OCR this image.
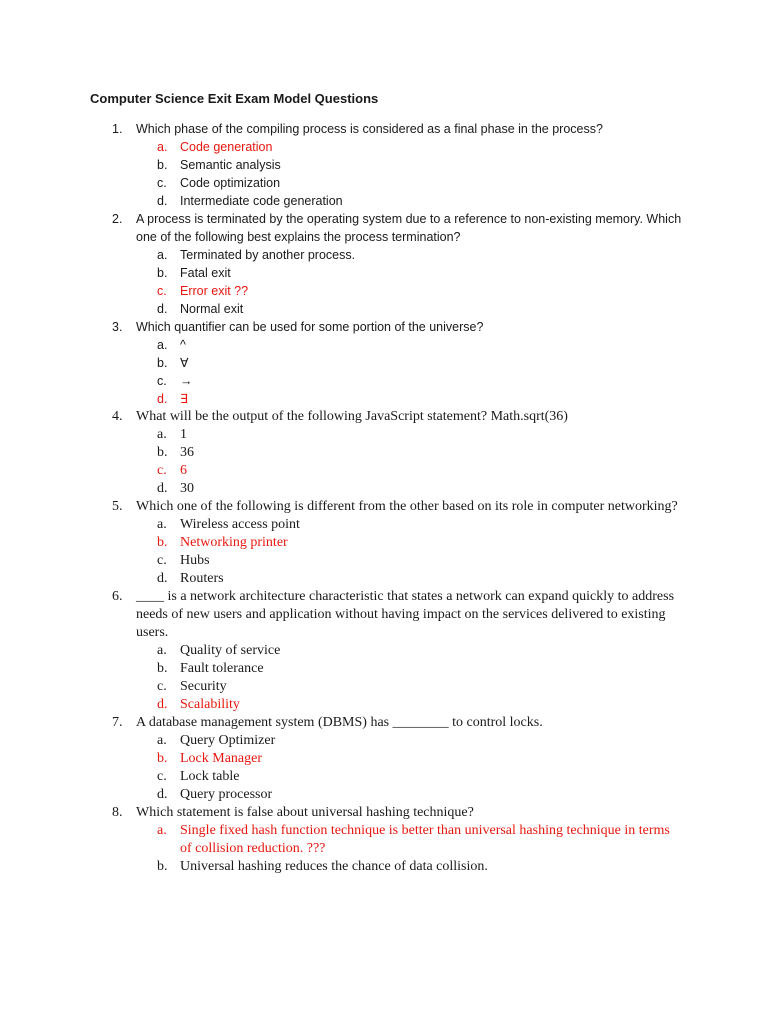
Computer Science Exit Exam Model Questions
1.	Which phase of the compiling process is considered as a final phase in the process?
a.	Code generation
b.	Semantic analysis
c.	Code optimization
d.	Intermediate code generation
2.	A process is terminated by the operating system due to a reference to non-existing memory. Which one of the following best explains the process termination?
a.	Terminated by another process.
b.	Fatal exit
c.	Error exit ??
d.	Normal exit
3.	Which quantifier can be used for some portion of the universe?
a.	^
b.	∀
c.	→
d.	∃
4. What will be the output of the following JavaScript statement? Math.sqrt(36)
a. 1
b. 36
c. 6
d. 30
5. Which one of the following is different from the other based on its role in computer networking?
a. Wireless access point
b. Networking printer
c. Hubs
d. Routers
6. ____ is a network architecture characteristic that states a network can expand quickly to address needs of new users and application without having impact on the services delivered to existing users.
a. Quality of service
b. Fault tolerance
c. Security
d. Scalability
7. A database management system (DBMS) has ________ to control locks.
a. Query Optimizer
b. Lock Manager
c. Lock table
d. Query processor
8. Which statement is false about universal hashing technique?
a. Single fixed hash function technique is better than universal hashing technique in terms of collision reduction. ???
b. Universal hashing reduces the chance of data collision.
